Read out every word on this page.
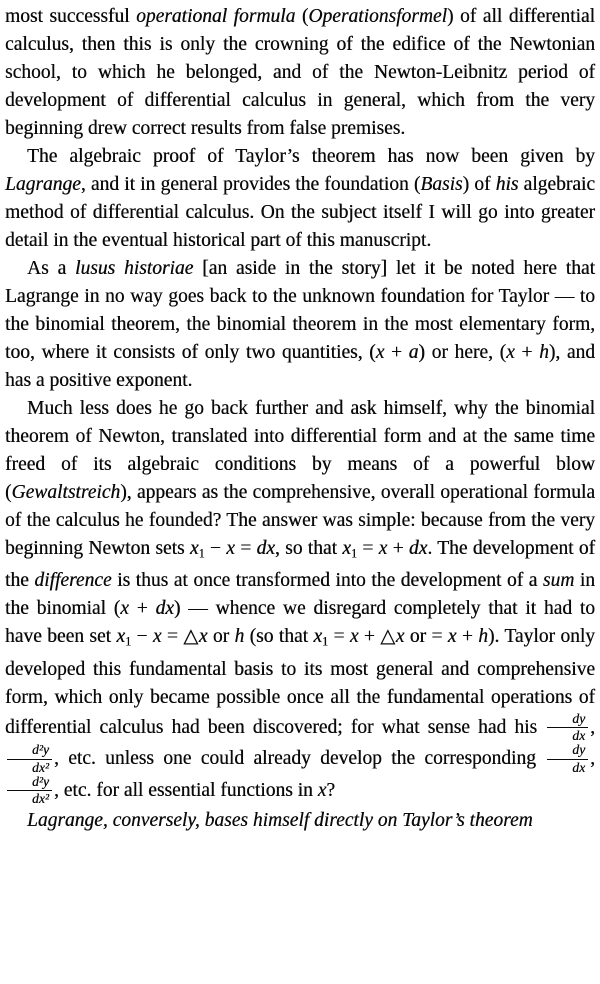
most successful operational formula (Operationsformel) of all differential calculus, then this is only the crowning of the edifice of the Newtonian school, to which he belonged, and of the Newton-Leibnitz period of development of differential calculus in general, which from the very beginning drew correct results from false premises.

The algebraic proof of Taylor’s theorem has now been given by Lagrange, and it in general provides the foundation (Basis) of his algebraic method of differential calculus. On the subject itself I will go into greater detail in the eventual historical part of this manuscript.

As a lusus historiae [an aside in the story] let it be noted here that Lagrange in no way goes back to the unknown foundation for Taylor — to the binomial theorem, the binomial theorem in the most elementary form, too, where it consists of only two quantities, (x + a) or here, (x + h), and has a positive exponent.

Much less does he go back further and ask himself, why the binomial theorem of Newton, translated into differential form and at the same time freed of its algebraic conditions by means of a powerful blow (Gewaltstreich), appears as the comprehensive, overall operational formula of the calculus he founded? The answer was simple: because from the very beginning Newton sets $x_1 - x$ = dx, so that $x_1 = x$ + dx. The development of the difference is thus at once transformed into the development of a sum in the binomial (x + dx) — whence we disregard completely that it had to have been set $x_1 - x$ = △x or h (so that $x_1 = x$ + △x or = x + h). Taylor only developed this fundamental basis to its most general and comprehensive form, which only became possible once all the fundamental operations of differential calculus had been discovered; for what sense had his $\frac{dy}{dx}$ ,
$\frac{\text{d²y}}{\text{dx²}}$ , etc. unless one could already develop the corresponding $\frac{dy}{dx}$ ,
$\frac{\text{d²y}}{\text{dx²}}$ , etc. for all essential functions in x?

Lagrange, conversely, bases himself directly on Taylor’s theorem
